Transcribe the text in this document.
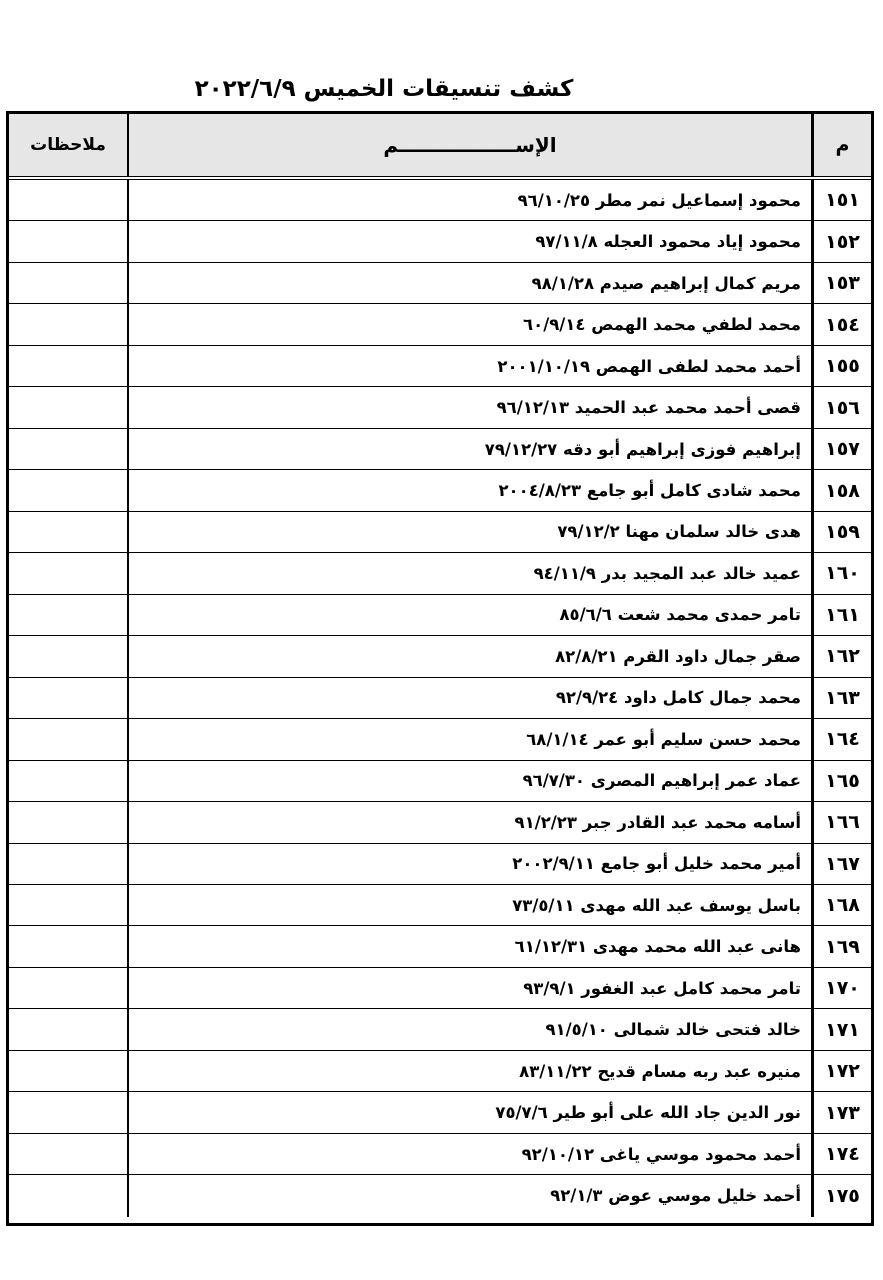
كشف تنسيقات الخميس ٢٠٢٢/٦/٩
ملاحظات	الإســـــــــــــــــم	م
محمود إسماعيل نمر مطر ٩٦/١٠/٢٥	١٥١
محمود إياد محمود العجله ٩٧/١١/٨	١٥٢
مريم كمال إبراهيم صيدم ٩٨/١/٢٨	١٥٣
محمد لطفي محمد الهمص ٦٠/٩/١٤	١٥٤
أحمد محمد لطفى الهمص ٢٠٠١/١٠/١٩	١٥٥
قصى أحمد محمد عبد الحميد ٩٦/١٢/١٣	١٥٦
إبراهيم فوزى إبراهيم أبو دقه ٧٩/١٢/٢٧	١٥٧
محمد شادى كامل أبو جامع ٢٠٠٤/٨/٢٣	١٥٨
هدى خالد سلمان مهنا ٧٩/١٢/٢	١٥٩
عميد خالد عبد المجيد بدر ٩٤/١١/٩	١٦٠
تامر حمدى محمد شعت ٨٥/٦/٦	١٦١
صقر جمال داود القرم ٨٢/٨/٢١	١٦٢
محمد جمال كامل داود ٩٢/٩/٢٤	١٦٣
محمد حسن سليم أبو عمر ٦٨/١/١٤	١٦٤
عماد عمر إبراهيم المصرى ٩٦/٧/٣٠	١٦٥
أسامه محمد عبد القادر جبر ٩١/٢/٢٣	١٦٦
أمير محمد خليل أبو جامع ٢٠٠٢/٩/١١	١٦٧
باسل يوسف عبد الله مهدى ٧٣/٥/١١	١٦٨
هانى عبد الله محمد مهدى ٦١/١٢/٣١	١٦٩
تامر محمد كامل عبد الغفور ٩٣/٩/١	١٧٠
خالد فتحى خالد شمالى ٩١/٥/١٠	١٧١
منيره عبد ربه مسام قديح ٨٣/١١/٢٢	١٧٢
نور الدين جاد الله على أبو طير ٧٥/٧/٦	١٧٣
أحمد محمود موسي ياغى ٩٢/١٠/١٢	١٧٤
أحمد خليل موسي عوض ٩٢/١/٣	١٧٥
